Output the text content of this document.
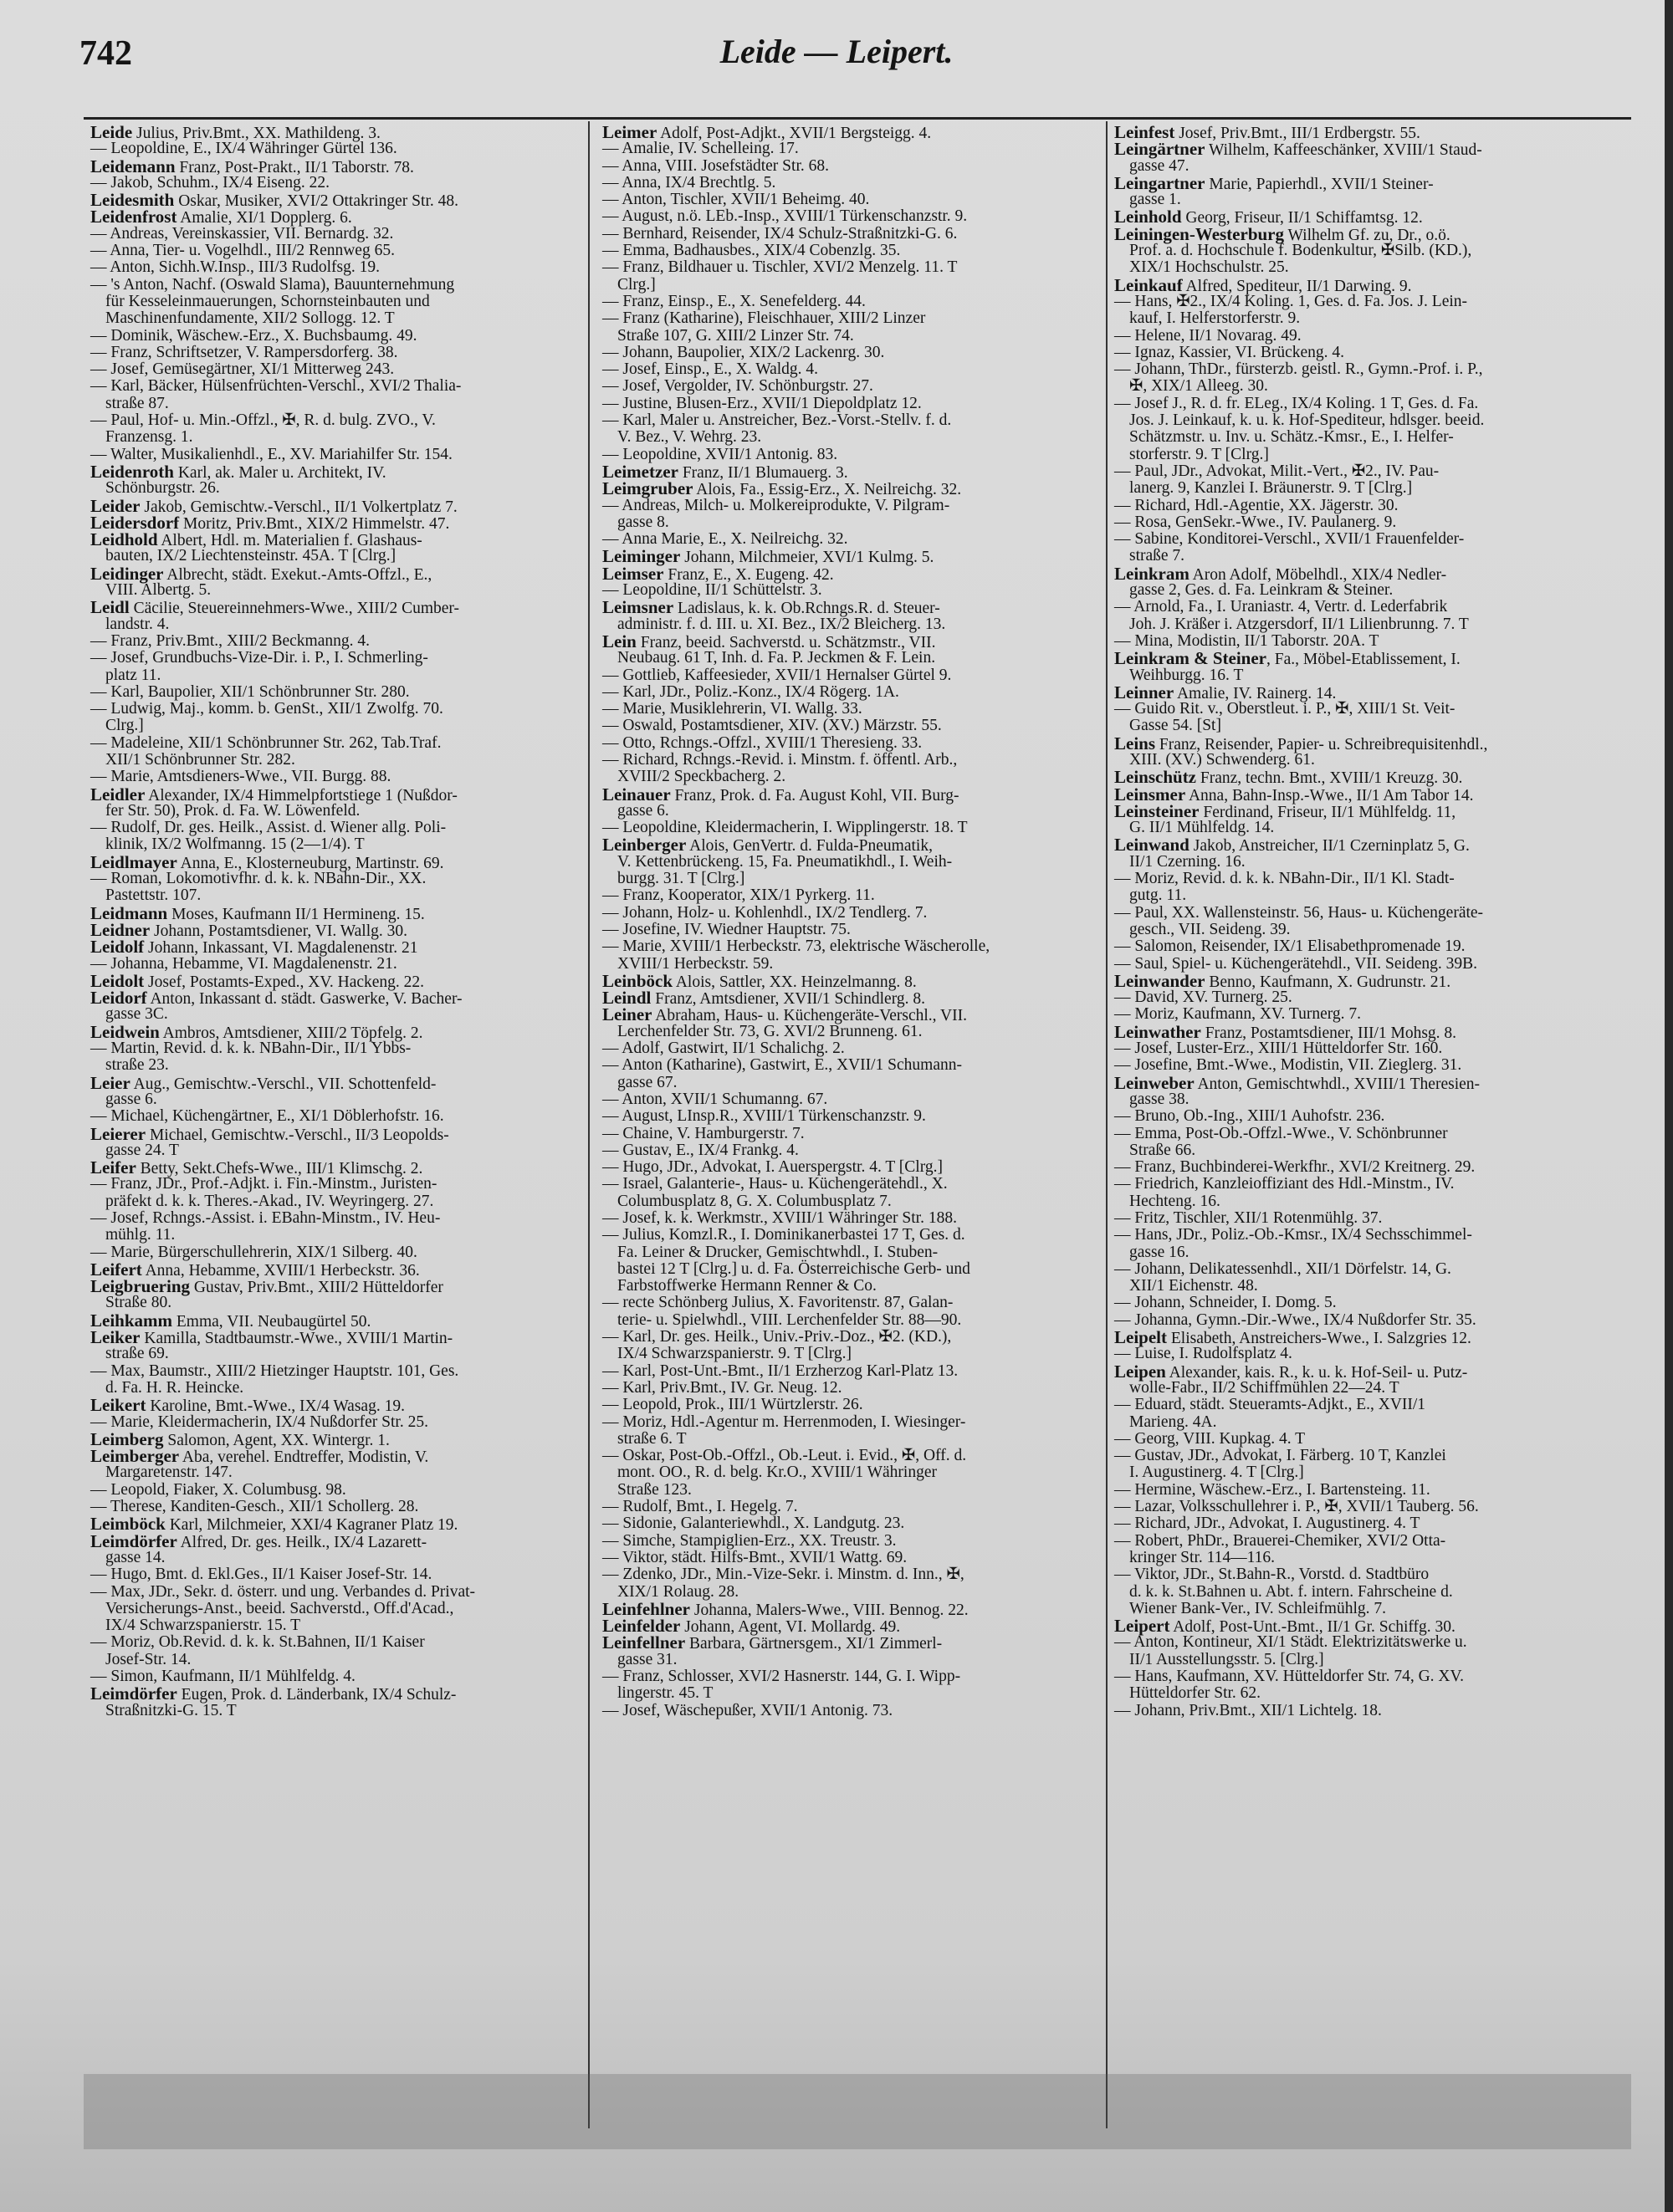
742	Leide — Leipert.
Leide Julius, Priv.Bmt., XX. Mathildeng. 3.
— Leopoldine, E., IX/4 Währinger Gürtel 136.
Leidemann Franz, Post-Prakt., II/1 Taborstr. 78.
— Jakob, Schuhm., IX/4 Eiseng. 22.
Leidesmith Oskar, Musiker, XVI/2 Ottakringer Str. 48.
Leidenfrost Amalie, XI/1 Dopplerg. 6.
— Andreas, Vereinskassier, VII. Bernardg. 32.
— Anna, Tier- u. Vogelhdl., III/2 Rennweg 65.
— Anton, Sichh.W.Insp., III/3 Rudolfsg. 19.
— 's Anton, Nachf. (Oswald Slama), Bauunternehmung
~für Kesseleinmauerungen, Schornsteinbauten und
~Maschinenfundamente, XII/2 Sollogg. 12. T
— Dominik, Wäschew.-Erz., X. Buchsbaumg. 49.
— Franz, Schriftsetzer, V. Rampersdorferg. 38.
— Josef, Gemüsegärtner, XI/1 Mitterweg 243.
— Karl, Bäcker, Hülsenfrüchten-Verschl., XVI/2 Thalia-
~straße 87.
— Paul, Hof- u. Min.-Offzl., ✠, R. d. bulg. ZVO., V.
~Franzensg. 1.
— Walter, Musikalienhdl., E., XV. Mariahilfer Str. 154.
Leidenroth Karl, ak. Maler u. Architekt, IV.
~Schönburgstr. 26.
Leider Jakob, Gemischtw.-Verschl., II/1 Volkertplatz 7.
Leidersdorf Moritz, Priv.Bmt., XIX/2 Himmelstr. 47.
Leidhold Albert, Hdl. m. Materialien f. Glashaus-
~bauten, IX/2 Liechtensteinstr. 45A. T [Clrg.]
Leidinger Albrecht, städt. Exekut.-Amts-Offzl., E.,
~VIII. Albertg. 5.
Leidl Cäcilie, Steuereinnehmers-Wwe., XIII/2 Cumber-
~landstr. 4.
— Franz, Priv.Bmt., XIII/2 Beckmanng. 4.
— Josef, Grundbuchs-Vize-Dir. i. P., I. Schmerling-
~platz 11.
— Karl, Baupolier, XII/1 Schönbrunner Str. 280.
— Ludwig, Maj., komm. b. GenSt., XII/1 Zwolfg. 70.
~[Clrg.]
— Madeleine, XII/1 Schönbrunner Str. 262, Tab.Traf.
~XII/1 Schönbrunner Str. 282.
— Marie, Amtsdieners-Wwe., VII. Burgg. 88.
Leidler Alexander, IX/4 Himmelpfortstiege 1 (Nußdor-
~fer Str. 50), Prok. d. Fa. W. Löwenfeld.
— Rudolf, Dr. ges. Heilk., Assist. d. Wiener allg. Poli-
~klinik, IX/2 Wolfmanng. 15 (2—1/4). T
Leidlmayer Anna, E., Klosterneuburg, Martinstr. 69.
— Roman, Lokomotivfhr. d. k. k. NBahn-Dir., XX.
~Pastettstr. 107.
Leidmann Moses, Kaufmann II/1 Hermineng. 15.
Leidner Johann, Postamtsdiener, VI. Wallg. 30.
Leidolf Johann, Inkassant, VI. Magdalenenstr. 21
— Johanna, Hebamme, VI. Magdalenenstr. 21.
Leidolt Josef, Postamts-Exped., XV. Hackeng. 22.
Leidorf Anton, Inkassant d. städt. Gaswerke, V. Bacher-
~gasse 3C.
Leidwein Ambros, Amtsdiener, XIII/2 Töpfelg. 2.
— Martin, Revid. d. k. k. NBahn-Dir., II/1 Ybbs-
~straße 23.
Leier Aug., Gemischtw.-Verschl., VII. Schottenfeld-
~gasse 6.
— Michael, Küchengärtner, E., XI/1 Döblerhofstr. 16.
Leierer Michael, Gemischtw.-Verschl., II/3 Leopolds-
~gasse 24. T
Leifer Betty, Sekt.Chefs-Wwe., III/1 Klimschg. 2.
— Franz, JDr., Prof.-Adjkt. i. Fin.-Minstm., Juristen-
~präfekt d. k. k. Theres.-Akad., IV. Weyringerg. 27.
— Josef, Rchngs.-Assist. i. EBahn-Minstm., IV. Heu-
~mühlg. 11.
— Marie, Bürgerschullehrerin, XIX/1 Silberg. 40.
Leifert Anna, Hebamme, XVIII/1 Herbeckstr. 36.
Leigbruering Gustav, Priv.Bmt., XIII/2 Hütteldorfer
~Straße 80.
Leihkamm Emma, VII. Neubaugürtel 50.
Leiker Kamilla, Stadtbaumstr.-Wwe., XVIII/1 Martin-
~straße 69.
— Max, Baumstr., XIII/2 Hietzinger Hauptstr. 101, Ges.
~d. Fa. H. R. Heincke.
Leikert Karoline, Bmt.-Wwe., IX/4 Wasag. 19.
— Marie, Kleidermacherin, IX/4 Nußdorfer Str. 25.
Leimberg Salomon, Agent, XX. Wintergr. 1.
Leimberger Aba, verehel. Endtreffer, Modistin, V.
~Margaretenstr. 147.
— Leopold, Fiaker, X. Columbusg. 98.
— Therese, Kanditen-Gesch., XII/1 Schollerg. 28.
Leimböck Karl, Milchmeier, XXI/4 Kagraner Platz 19.
Leimdörfer Alfred, Dr. ges. Heilk., IX/4 Lazarett-
~gasse 14.
— Hugo, Bmt. d. Ekl.Ges., II/1 Kaiser Josef-Str. 14.
— Max, JDr., Sekr. d. österr. und ung. Verbandes d. Privat-
~Versicherungs-Anst., beeid. Sachverstd., Off.d'Acad.,
~IX/4 Schwarzspanierstr. 15. T
— Moriz, Ob.Revid. d. k. k. St.Bahnen, II/1 Kaiser
~Josef-Str. 14.
— Simon, Kaufmann, II/1 Mühlfeldg. 4.
Leimdörfer Eugen, Prok. d. Länderbank, IX/4 Schulz-
~Straßnitzki-G. 15. T
Leimer Adolf, Post-Adjkt., XVII/1 Bergsteigg. 4.
— Amalie, IV. Schelleing. 17.
— Anna, VIII. Josefstädter Str. 68.
— Anna, IX/4 Brechtlg. 5.
— Anton, Tischler, XVII/1 Beheimg. 40.
— August, n.ö. LEb.-Insp., XVIII/1 Türkenschanzstr. 9.
— Bernhard, Reisender, IX/4 Schulz-Straßnitzki-G. 6.
— Emma, Badhausbes., XIX/4 Cobenzlg. 35.
— Franz, Bildhauer u. Tischler, XVI/2 Menzelg. 11. T
~[Clrg.]
— Franz, Einsp., E., X. Senefelderg. 44.
— Franz (Katharine), Fleischhauer, XIII/2 Linzer
~Straße 107, G. XIII/2 Linzer Str. 74.
— Johann, Baupolier, XIX/2 Lackenrg. 30.
— Josef, Einsp., E., X. Waldg. 4.
— Josef, Vergolder, IV. Schönburgstr. 27.
— Justine, Blusen-Erz., XVII/1 Diepoldplatz 12.
— Karl, Maler u. Anstreicher, Bez.-Vorst.-Stellv. f. d.
~V. Bez., V. Wehrg. 23.
— Leopoldine, XVII/1 Antonig. 83.
Leimetzer Franz, II/1 Blumauerg. 3.
Leimgruber Alois, Fa., Essig-Erz., X. Neilreichg. 32.
— Andreas, Milch- u. Molkereiprodukte, V. Pilgram-
~gasse 8.
— Anna Marie, E., X. Neilreichg. 32.
Leiminger Johann, Milchmeier, XVI/1 Kulmg. 5.
Leimser Franz, E., X. Eugeng. 42.
— Leopoldine, II/1 Schüttelstr. 3.
Leimsner Ladislaus, k. k. Ob.Rchngs.R. d. Steuer-
~administr. f. d. III. u. XI. Bez., IX/2 Bleicherg. 13.
Lein Franz, beeid. Sachverstd. u. Schätzmstr., VII.
~Neubaug. 61 T, Inh. d. Fa. P. Jeckmen & F. Lein.
— Gottlieb, Kaffeesieder, XVII/1 Hernalser Gürtel 9.
— Karl, JDr., Poliz.-Konz., IX/4 Rögerg. 1A.
— Marie, Musiklehrerin, VI. Wallg. 33.
— Oswald, Postamtsdiener, XIV. (XV.) Märzstr. 55.
— Otto, Rchngs.-Offzl., XVIII/1 Theresieng. 33.
— Richard, Rchngs.-Revid. i. Minstm. f. öffentl. Arb.,
~XVIII/2 Speckbacherg. 2.
Leinauer Franz, Prok. d. Fa. August Kohl, VII. Burg-
~gasse 6.
— Leopoldine, Kleidermacherin, I. Wipplingerstr. 18. T
Leinberger Alois, GenVertr. d. Fulda-Pneumatik,
~V. Kettenbrückeng. 15, Fa. Pneumatikhdl., I. Weih-
~burgg. 31. T [Clrg.]
— Franz, Kooperator, XIX/1 Pyrkerg. 11.
— Johann, Holz- u. Kohlenhdl., IX/2 Tendlerg. 7.
— Josefine, IV. Wiedner Hauptstr. 75.
— Marie, XVIII/1 Herbeckstr. 73, elektrische Wäscherolle,
~XVIII/1 Herbeckstr. 59.
Leinböck Alois, Sattler, XX. Heinzelmanng. 8.
Leindl Franz, Amtsdiener, XVII/1 Schindlerg. 8.
Leiner Abraham, Haus- u. Küchengeräte-Verschl., VII.
~Lerchenfelder Str. 73, G. XVI/2 Brunneng. 61.
— Adolf, Gastwirt, II/1 Schalichg. 2.
— Anton (Katharine), Gastwirt, E., XVII/1 Schumann-
~gasse 67.
— Anton, XVII/1 Schumanng. 67.
— August, LInsp.R., XVIII/1 Türkenschanzstr. 9.
— Chaine, V. Hamburgerstr. 7.
— Gustav, E., IX/4 Frankg. 4.
— Hugo, JDr., Advokat, I. Auerspergstr. 4. T [Clrg.]
— Israel, Galanterie-, Haus- u. Küchengerätehdl., X.
~Columbusplatz 8, G. X. Columbusplatz 7.
— Josef, k. k. Werkmstr., XVIII/1 Währinger Str. 188.
— Julius, Komzl.R., I. Dominikanerbastei 17 T, Ges. d.
~Fa. Leiner & Drucker, Gemischtwhdl., I. Stuben-
~bastei 12 T [Clrg.] u. d. Fa. Österreichische Gerb- und
~Farbstoffwerke Hermann Renner & Co.
— recte Schönberg Julius, X. Favoritenstr. 87, Galan-
~terie- u. Spielwhdl., VIII. Lerchenfelder Str. 88—90.
— Karl, Dr. ges. Heilk., Univ.-Priv.-Doz., ✠2. (KD.),
~IX/4 Schwarzspanierstr. 9. T [Clrg.]
— Karl, Post-Unt.-Bmt., II/1 Erzherzog Karl-Platz 13.
— Karl, Priv.Bmt., IV. Gr. Neug. 12.
— Leopold, Prok., III/1 Würtzlerstr. 26.
— Moriz, Hdl.-Agentur m. Herrenmoden, I. Wiesinger-
~straße 6. T
— Oskar, Post-Ob.-Offzl., Ob.-Leut. i. Evid., ✠, Off. d.
~mont. OO., R. d. belg. Kr.O., XVIII/1 Währinger
~Straße 123.
— Rudolf, Bmt., I. Hegelg. 7.
— Sidonie, Galanteriewhdl., X. Landgutg. 23.
— Simche, Stampiglien-Erz., XX. Treustr. 3.
— Viktor, städt. Hilfs-Bmt., XVII/1 Wattg. 69.
— Zdenko, JDr., Min.-Vize-Sekr. i. Minstm. d. Inn., ✠,
~XIX/1 Rolaug. 28.
Leinfehlner Johanna, Malers-Wwe., VIII. Bennog. 22.
Leinfelder Johann, Agent, VI. Mollardg. 49.
Leinfellner Barbara, Gärtnersgem., XI/1 Zimmerl-
~gasse 31.
— Franz, Schlosser, XVI/2 Hasnerstr. 144, G. I. Wipp-
~lingerstr. 45. T
— Josef, Wäschepußer, XVII/1 Antonig. 73.
Leinfest Josef, Priv.Bmt., III/1 Erdbergstr. 55.
Leingärtner Wilhelm, Kaffeeschänker, XVIII/1 Staud-
~gasse 47.
Leingartner Marie, Papierhdl., XVII/1 Steiner-
~gasse 1.
Leinhold Georg, Friseur, II/1 Schiffamtsg. 12.
Leiningen-Westerburg Wilhelm Gf. zu, Dr., o.ö.
~Prof. a. d. Hochschule f. Bodenkultur, ✠Silb. (KD.),
~XIX/1 Hochschulstr. 25.
Leinkauf Alfred, Spediteur, II/1 Darwing. 9.
— Hans, ✠2., IX/4 Koling. 1, Ges. d. Fa. Jos. J. Lein-
~kauf, I. Helferstorferstr. 9.
— Helene, II/1 Novarag. 49.
— Ignaz, Kassier, VI. Brückeng. 4.
— Johann, ThDr., fürsterzb. geistl. R., Gymn.-Prof. i. P.,
~✠, XIX/1 Alleeg. 30.
— Josef J., R. d. fr. ELeg., IX/4 Koling. 1 T, Ges. d. Fa.
~Jos. J. Leinkauf, k. u. k. Hof-Spediteur, hdlsger. beeid.
~Schätzmstr. u. Inv. u. Schätz.-Kmsr., E., I. Helfer-
~storferstr. 9. T [Clrg.]
— Paul, JDr., Advokat, Milit.-Vert., ✠2., IV. Pau-
~lanerg. 9, Kanzlei I. Bräunerstr. 9. T [Clrg.]
— Richard, Hdl.-Agentie, XX. Jägerstr. 30.
— Rosa, GenSekr.-Wwe., IV. Paulanerg. 9.
— Sabine, Konditorei-Verschl., XVII/1 Frauenfelder-
~straße 7.
Leinkram Aron Adolf, Möbelhdl., XIX/4 Nedler-
~gasse 2, Ges. d. Fa. Leinkram & Steiner.
— Arnold, Fa., I. Uraniastr. 4, Vertr. d. Lederfabrik
~Joh. J. Kräßer i. Atzgersdorf, II/1 Lilienbrunng. 7. T
— Mina, Modistin, II/1 Taborstr. 20A. T
Leinkram & Steiner, Fa., Möbel-Etablissement, I.
~Weihburgg. 16. T
Leinner Amalie, IV. Rainerg. 14.
— Guido Rit. v., Oberstleut. i. P., ✠, XIII/1 St. Veit-
~Gasse 54. [St]
Leins Franz, Reisender, Papier- u. Schreibrequisitenhdl.,
~XIII. (XV.) Schwenderg. 61.
Leinschütz Franz, techn. Bmt., XVIII/1 Kreuzg. 30.
Leinsmer Anna, Bahn-Insp.-Wwe., II/1 Am Tabor 14.
Leinsteiner Ferdinand, Friseur, II/1 Mühlfeldg. 11,
~G. II/1 Mühlfeldg. 14.
Leinwand Jakob, Anstreicher, II/1 Czerninplatz 5, G.
~II/1 Czerning. 16.
— Moriz, Revid. d. k. k. NBahn-Dir., II/1 Kl. Stadt-
~gutg. 11.
— Paul, XX. Wallensteinstr. 56, Haus- u. Küchengeräte-
~gesch., VII. Seideng. 39.
— Salomon, Reisender, IX/1 Elisabethpromenade 19.
— Saul, Spiel- u. Küchengerätehdl., VII. Seideng. 39B.
Leinwander Benno, Kaufmann, X. Gudrunstr. 21.
— David, XV. Turnerg. 25.
— Moriz, Kaufmann, XV. Turnerg. 7.
Leinwather Franz, Postamtsdiener, III/1 Mohsg. 8.
— Josef, Luster-Erz., XIII/1 Hütteldorfer Str. 160.
— Josefine, Bmt.-Wwe., Modistin, VII. Zieglerg. 31.
Leinweber Anton, Gemischtwhdl., XVIII/1 Theresien-
~gasse 38.
— Bruno, Ob.-Ing., XIII/1 Auhofstr. 236.
— Emma, Post-Ob.-Offzl.-Wwe., V. Schönbrunner
~Straße 66.
— Franz, Buchbinderei-Werkfhr., XVI/2 Kreitnerg. 29.
— Friedrich, Kanzleioffiziant des Hdl.-Minstm., IV.
~Hechteng. 16.
— Fritz, Tischler, XII/1 Rotenmühlg. 37.
— Hans, JDr., Poliz.-Ob.-Kmsr., IX/4 Sechsschimmel-
~gasse 16.
— Johann, Delikatessenhdl., XII/1 Dörfelstr. 14, G.
~XII/1 Eichenstr. 48.
— Johann, Schneider, I. Domg. 5.
— Johanna, Gymn.-Dir.-Wwe., IX/4 Nußdorfer Str. 35.
Leipelt Elisabeth, Anstreichers-Wwe., I. Salzgries 12.
— Luise, I. Rudolfsplatz 4.
Leipen Alexander, kais. R., k. u. k. Hof-Seil- u. Putz-
~wolle-Fabr., II/2 Schiffmühlen 22—24. T
— Eduard, städt. Steueramts-Adjkt., E., XVII/1
~Marieng. 4A.
— Georg, VIII. Kupkag. 4. T
— Gustav, JDr., Advokat, I. Färberg. 10 T, Kanzlei
~I. Augustinerg. 4. T [Clrg.]
— Hermine, Wäschew.-Erz., I. Bartensteing. 11.
— Lazar, Volksschullehrer i. P., ✠, XVII/1 Tauberg. 56.
— Richard, JDr., Advokat, I. Augustinerg. 4. T
— Robert, PhDr., Brauerei-Chemiker, XVI/2 Otta-
~kringer Str. 114—116.
— Viktor, JDr., St.Bahn-R., Vorstd. d. Stadtbüro
~d. k. k. St.Bahnen u. Abt. f. intern. Fahrscheine d.
~Wiener Bank-Ver., IV. Schleifmühlg. 7.
Leipert Adolf, Post-Unt.-Bmt., II/1 Gr. Schiffg. 30.
— Anton, Kontineur, XI/1 Städt. Elektrizitätswerke u.
~II/1 Ausstellungsstr. 5. [Clrg.]
— Hans, Kaufmann, XV. Hütteldorfer Str. 74, G. XV.
~Hütteldorfer Str. 62.
— Johann, Priv.Bmt., XII/1 Lichtelg. 18.
